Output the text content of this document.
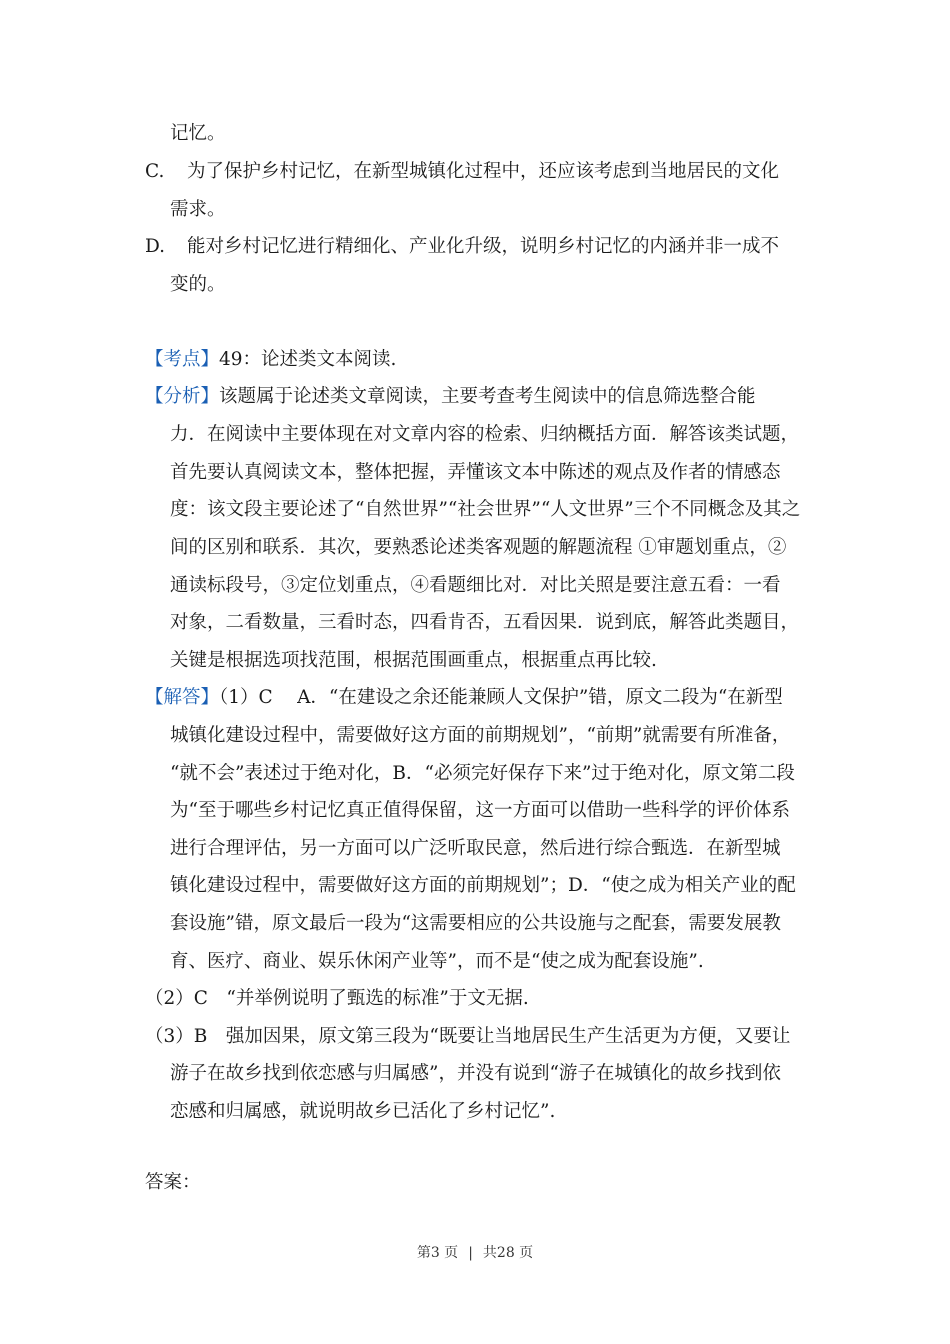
记忆。
C. 为了保护乡村记忆，在新型城镇化过程中，还应该考虑到当地居民的文化
需求。
D. 能对乡村记忆进行精细化、产业化升级，说明乡村记忆的内涵并非一成不
变的。
【考点】49：论述类文本阅读.
【分析】该题属于论述类文章阅读，主要考查考生阅读中的信息筛选整合能
力．在阅读中主要体现在对文章内容的检索、归纳概括方面．解答该类试题，
首先要认真阅读文本，整体把握，弄懂该文本中陈述的观点及作者的情感态
度：该文段主要论述了“自然世界”“社会世界”“人文世界”三个不同概念及其之
间的区别和联系．其次，要熟悉论述类客观题的解题流程 ①审题划重点，②
通读标段号，③定位划重点，④看题细比对．对比关照是要注意五看：一看
对象，二看数量，三看时态，四看肯否，五看因果．说到底，解答此类题目，
关键是根据选项找范围，根据范围画重点，根据重点再比较.
【解答】（1）C　 A．“在建设之余还能兼顾人文保护”错，原文二段为“在新型
城镇化建设过程中，需要做好这方面的前期规划”，“前期”就需要有所准备，
“就不会”表述过于绝对化，B．“必须完好保存下来”过于绝对化，原文第二段
为“至于哪些乡村记忆真正值得保留，这一方面可以借助一些科学的评价体系
进行合理评估，另一方面可以广泛听取民意，然后进行综合甄选．在新型城
镇化建设过程中，需要做好这方面的前期规划”；D．“使之成为相关产业的配
套设施”错，原文最后一段为“这需要相应的公共设施与之配套，需要发展教
育、医疗、商业、娱乐休闲产业等”，而不是“使之成为配套设施”.
（2）C　“并举例说明了甄选的标准”于文无据.
（3）B　强加因果，原文第三段为“既要让当地居民生产生活更为方便，又要让
游子在故乡找到依恋感与归属感”，并没有说到“游子在城镇化的故乡找到依
恋感和归属感，就说明故乡已活化了乡村记忆”.
答案：
第3 页 | 共28 页
